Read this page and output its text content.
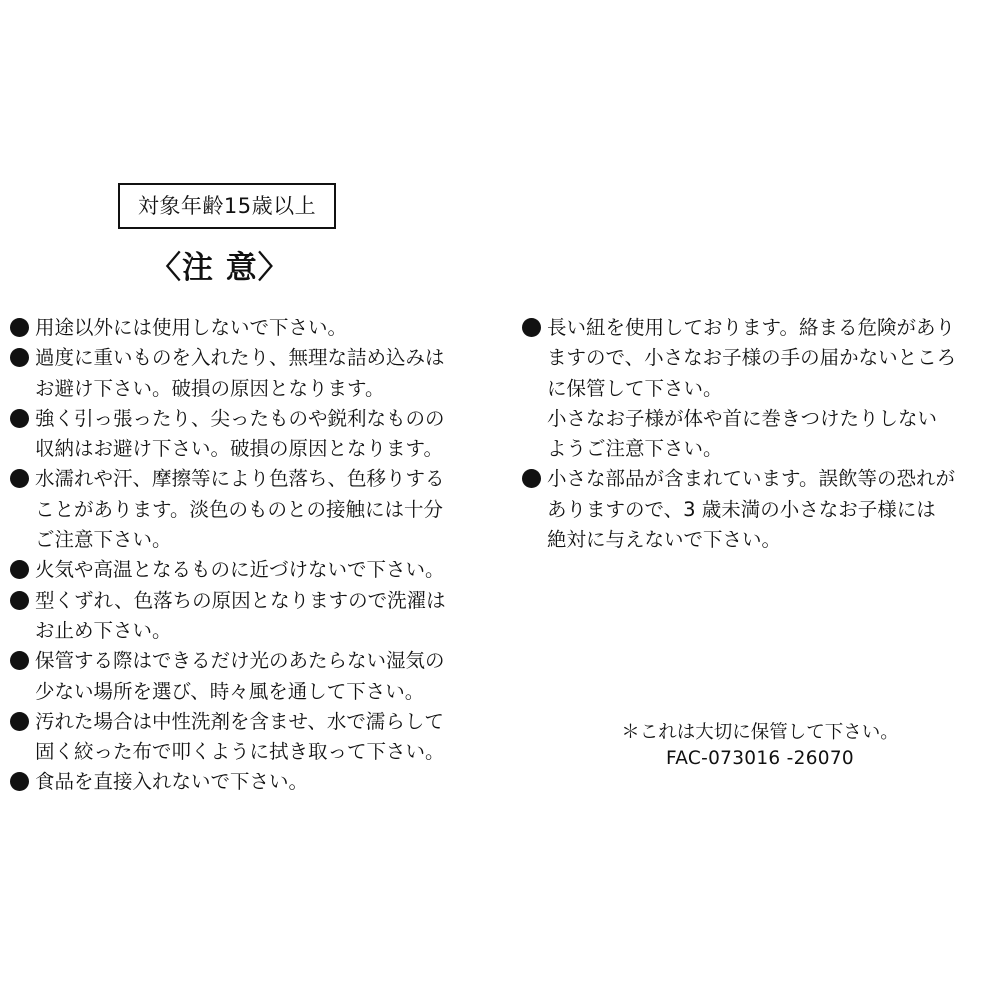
対象年齢15歳以上
〈注 意〉
用途以外には使用しないで下さい。
過度に重いものを入れたり、無理な詰め込みは
お避け下さい。破損の原因となります。
強く引っ張ったり、尖ったものや鋭利なものの
収納はお避け下さい。破損の原因となります。
水濡れや汗、摩擦等により色落ち、色移りする
ことがあります。淡色のものとの接触には十分
ご注意下さい。
火気や高温となるものに近づけないで下さい。
型くずれ、色落ちの原因となりますので洗濯は
お止め下さい。
保管する際はできるだけ光のあたらない湿気の
少ない場所を選び、時々風を通して下さい。
汚れた場合は中性洗剤を含ませ、水で濡らして
固く絞った布で叩くように拭き取って下さい。
食品を直接入れないで下さい。
長い紐を使用しております。絡まる危険があり
ますので、小さなお子様の手の届かないところ
に保管して下さい。
小さなお子様が体や首に巻きつけたりしない
ようご注意下さい。
小さな部品が含まれています。誤飲等の恐れが
ありますので、3 歳未満の小さなお子様には
絶対に与えないで下さい。
＊これは大切に保管して下さい。
FAC-073016 -26070
